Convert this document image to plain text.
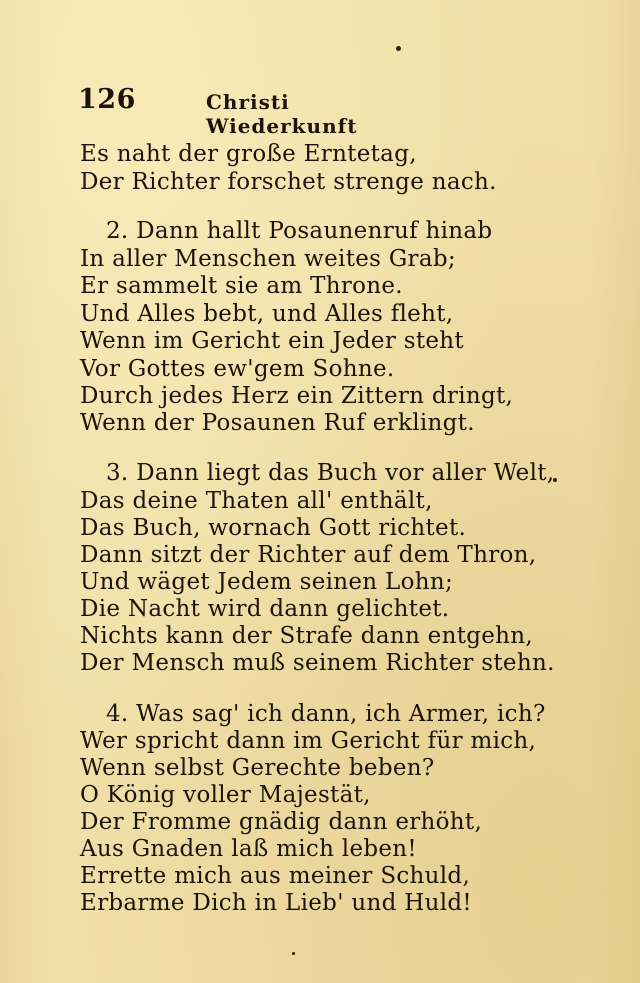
126	Christi Wiederkunft
Es naht der große Erntetag,
Der Richter forschet strenge nach.
2. Dann hallt Posaunenruf hinab
In aller Menschen weites Grab;
Er sammelt sie am Throne.
Und Alles bebt, und Alles fleht,
Wenn im Gericht ein Jeder steht
Vor Gottes ew'gem Sohne.
Durch jedes Herz ein Zittern dringt,
Wenn der Posaunen Ruf erklingt.
3. Dann liegt das Buch vor aller Welt,
Das deine Thaten all' enthält,
Das Buch, wornach Gott richtet.
Dann sitzt der Richter auf dem Thron,
Und wäget Jedem seinen Lohn;
Die Nacht wird dann gelichtet.
Nichts kann der Strafe dann entgehn,
Der Mensch muß seinem Richter stehn.
4. Was sag' ich dann, ich Armer, ich?
Wer spricht dann im Gericht für mich,
Wenn selbst Gerechte beben?
O König voller Majestät,
Der Fromme gnädig dann erhöht,
Aus Gnaden laß mich leben!
Errette mich aus meiner Schuld,
Erbarme Dich in Lieb' und Huld!
